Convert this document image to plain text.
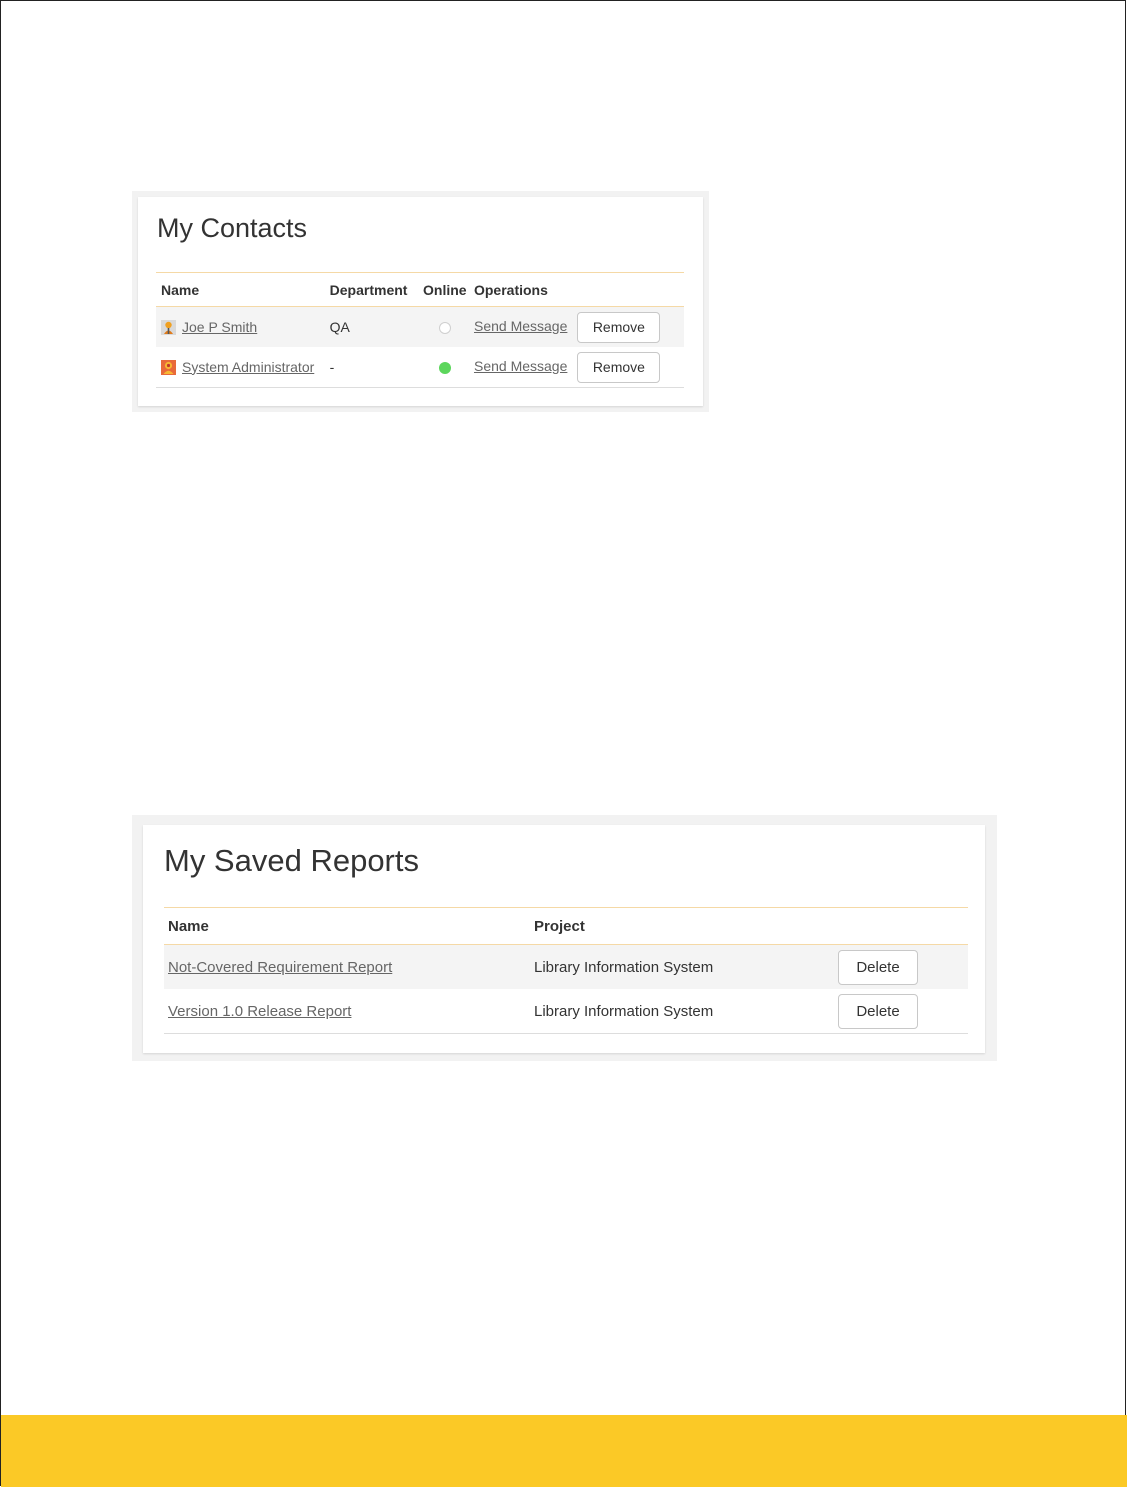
My Contacts
Name	Department	Online	Operations

Joe P Smith	QA		Send Message Remove

System Administrator	-		Send Message Remove
My Saved Reports
Name	Project	
Not-Covered Requirement Report	Library Information System	Delete
Version 1.0 Release Report	Library Information System	Delete
